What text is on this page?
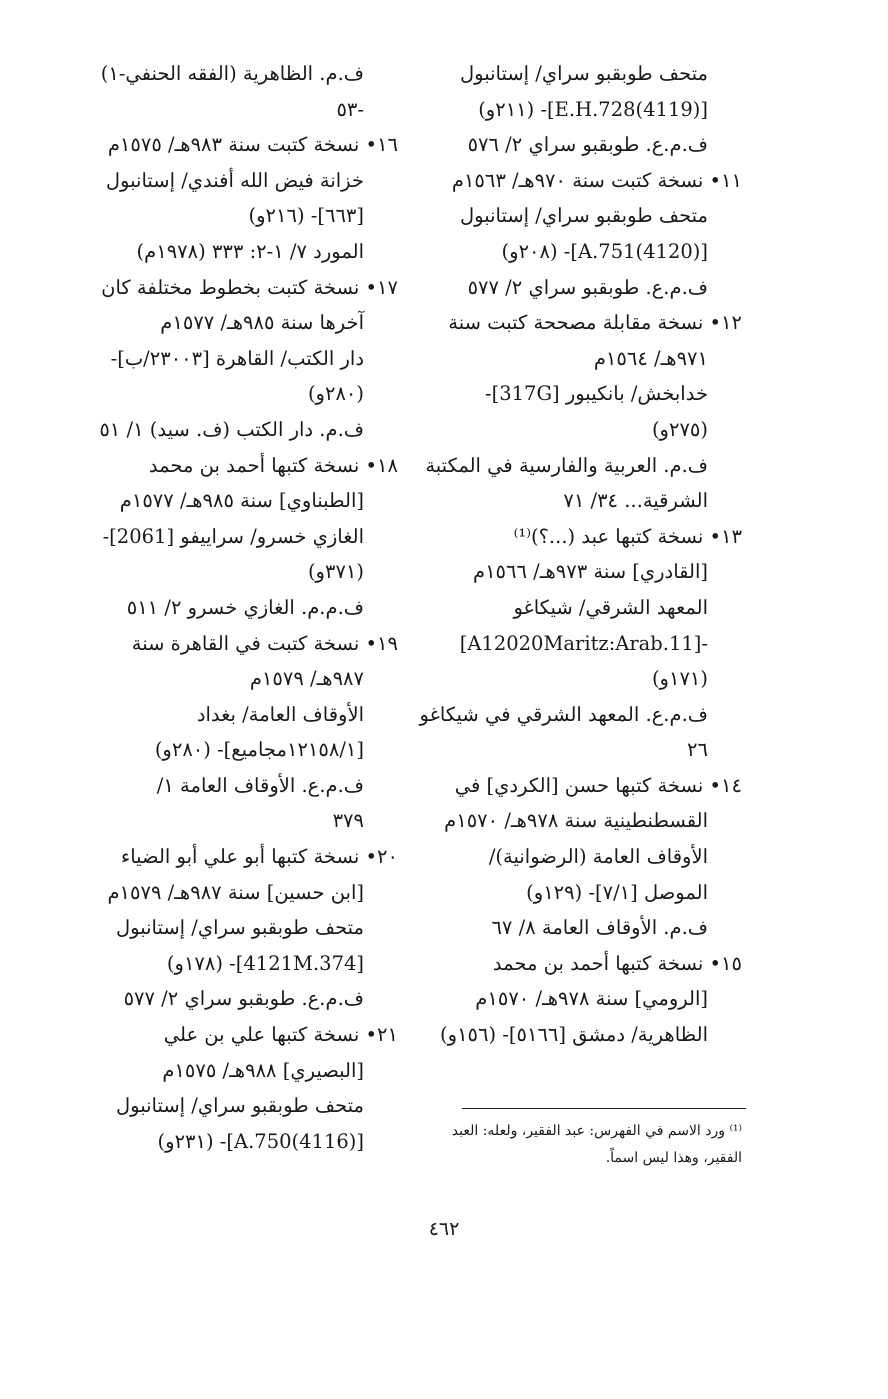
متحف طوبقبو سراي/ إستانبول
[(4119)E.H.728]- (٢١١و)
ف.م.ع. طوبقبو سراي ٢/ ٥٧٦
١١• نسخة كتبت سنة ٩٧٠هـ/ ١٥٦٣م
متحف طوبقبو سراي/ إستانبول
[(4120)A.751]- (٢٠٨و)
ف.م.ع. طوبقبو سراي ٢/ ٥٧٧
١٢• نسخة مقابلة مصححة كتبت سنة
٩٧١هـ/ ١٥٦٤م
خدابخش/ بانكيبور [317G]-
(٢٧٥و)
ف.م. العربية والفارسية في المكتبة
الشرقية... ٣٤/ ٧١
١٣• نسخة كتبها عبد (...؟)⁽¹⁾
[القادري] سنة ٩٧٣هـ/ ١٥٦٦م
المعهد الشرقي/ شيكاغو
-[A12020Maritz:Arab.11]
(١٧١و)
ف.م.ع. المعهد الشرقي في شيكاغو
٢٦
١٤• نسخة كتبها حسن [الكردي] في
القسطنطينية سنة ٩٧٨هـ/ ١٥٧٠م
الأوقاف العامة (الرضوانية)/
الموصل [٧/١]- (١٢٩و)
ف.م. الأوقاف العامة ٨/ ٦٧
١٥• نسخة كتبها أحمد بن محمد
[الرومي] سنة ٩٧٨هـ/ ١٥٧٠م
الظاهرية/ دمشق [٥١٦٦]- (١٥٦و)
ف.م. الظاهرية (الفقه الحنفي-١)
-٥٣
١٦• نسخة كتبت سنة ٩٨٣هـ/ ١٥٧٥م
خزانة فيض الله أفندي/ إستانبول
[٦٦٣]- (٢١٦و)
المورد ٧/ ١-٢: ٣٣٣ (١٩٧٨م)
١٧• نسخة كتبت بخطوط مختلفة كان
آخرها سنة ٩٨٥هـ/ ١٥٧٧م
دار الكتب/ القاهرة [٢٣٠٠٣/ب]-
(٢٨٠و)
ف.م. دار الكتب (ف. سيد) ١/ ٥١
١٨• نسخة كتبها أحمد بن محمد
[الطبناوي] سنة ٩٨٥هـ/ ١٥٧٧م
الغازي خسرو/ سراييفو [2061]-
(٣٧١و)
ف.م.م. الغازي خسرو ٢/ ٥١١
١٩• نسخة كتبت في القاهرة سنة
٩٨٧هـ/ ١٥٧٩م
الأوقاف العامة/ بغداد
[١٢١٥٨/١مجاميع]- (٢٨٠و)
ف.م.ع. الأوقاف العامة ١/
٣٧٩
٢٠• نسخة كتبها أبو علي أبو الضياء
[ابن حسين] سنة ٩٨٧هـ/ ١٥٧٩م
متحف طوبقبو سراي/ إستانبول
[4121M.374]- (١٧٨و)
ف.م.ع. طوبقبو سراي ٢/ ٥٧٧
٢١• نسخة كتبها علي بن علي
[البصيري] ٩٨٨هـ/ ١٥٧٥م
متحف طوبقبو سراي/ إستانبول
[(4116)A.750]- (٢٣١و)	⁽¹⁾ ورد الاسم في الفهرس: عبد الفقير، ولعله: العبد
الفقير، وهذا ليس اسماً.
٤٦٢
